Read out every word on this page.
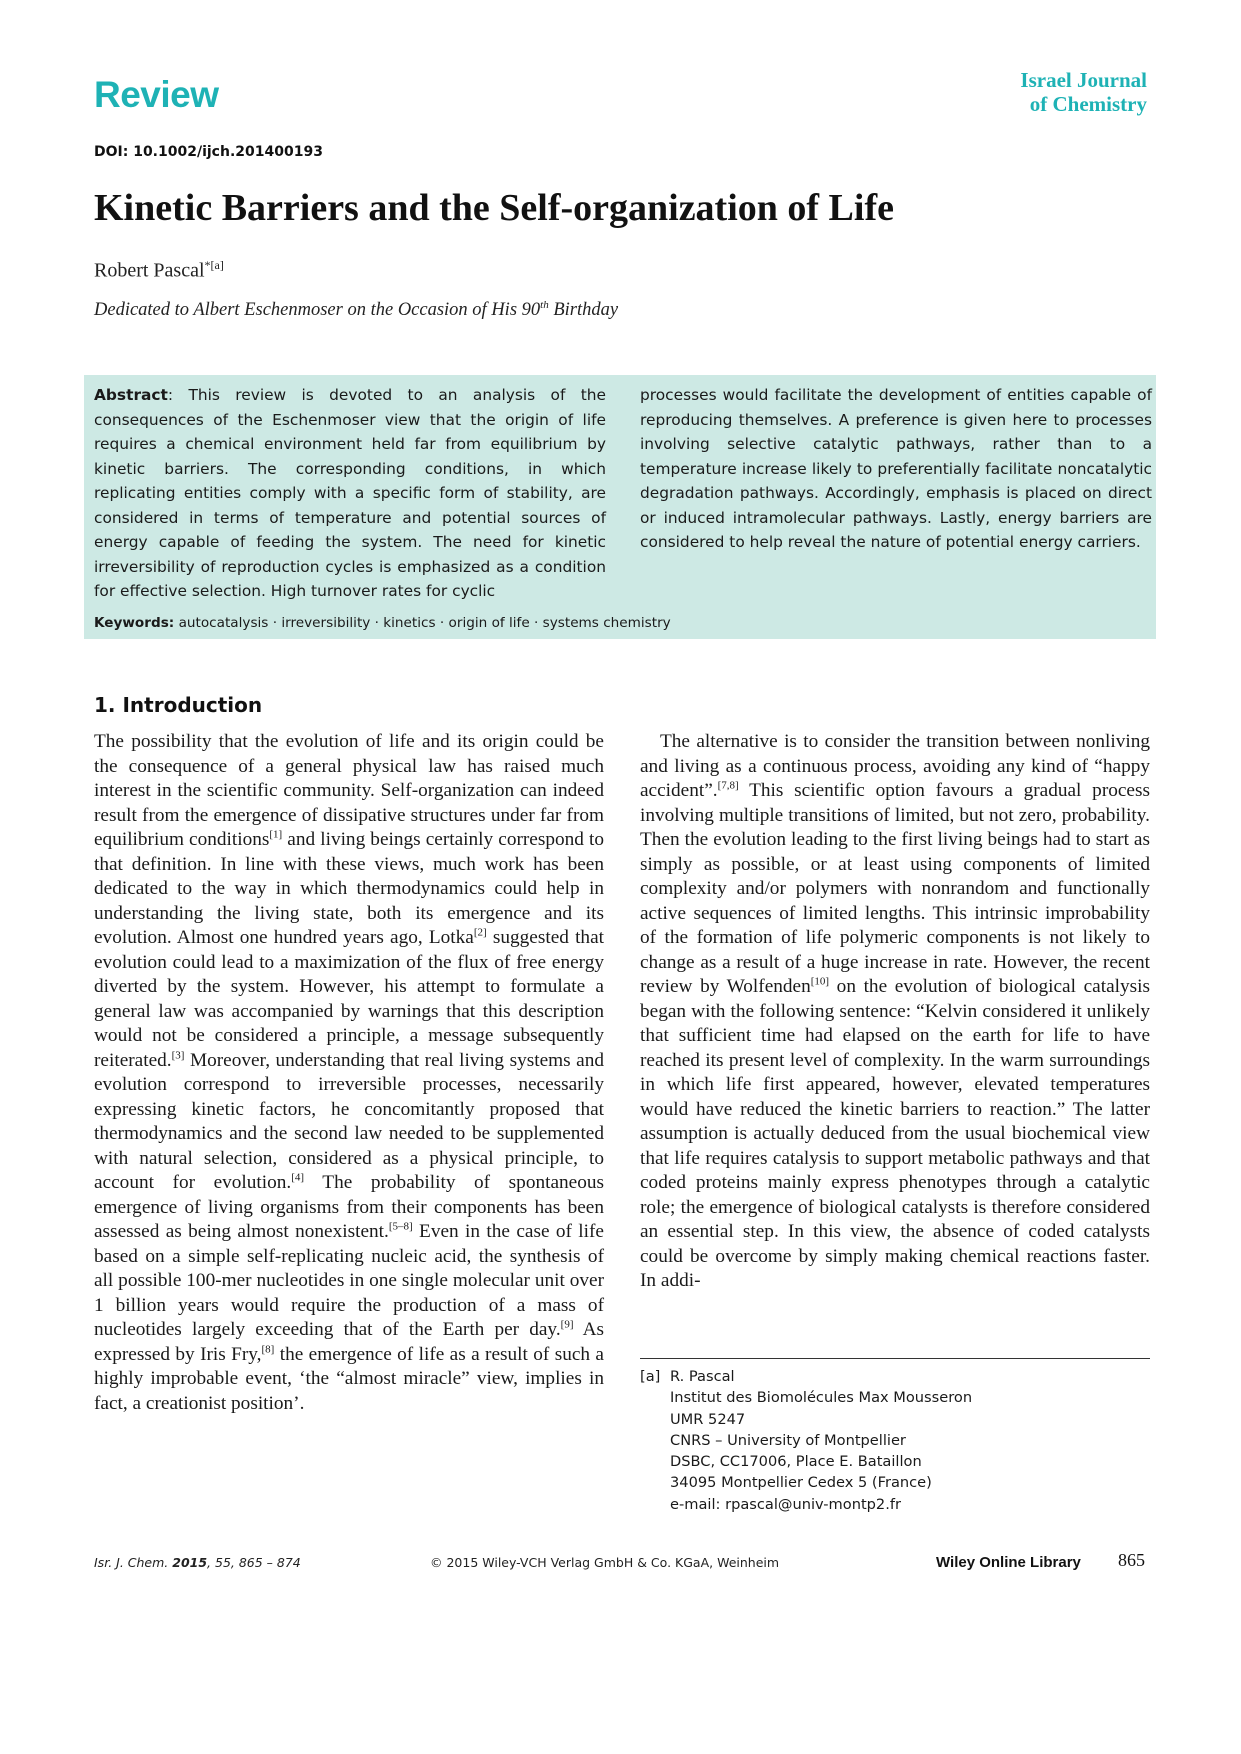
Review	Israel Journal
of Chemistry
DOI: 10.1002/ijch.201400193
Kinetic Barriers and the Self-organization of Life
Robert Pascal$^{*[a]}$
Dedicated to Albert Eschenmoser on the Occasion of His 90th Birthday
Abstract: This review is devoted to an analysis of the consequences of the Eschenmoser view that the origin of life requires a chemical environment held far from equilibrium by kinetic barriers. The corresponding conditions, in which replicating entities comply with a specific form of stability, are considered in terms of temperature and potential sources of energy capable of feeding the system. The need for kinetic irreversibility of reproduction cycles is emphasized as a condition for effective selection. High turnover rates for cyclic
processes would facilitate the development of entities capable of reproducing themselves. A preference is given here to processes involving selective catalytic pathways, rather than to a temperature increase likely to preferentially facilitate noncatalytic degradation pathways. Accordingly, emphasis is placed on direct or induced intramolecular pathways. Lastly, energy barriers are considered to help reveal the nature of potential energy carriers.
Keywords: autocatalysis · irreversibility · kinetics · origin of life · systems chemistry
1. Introduction
The possibility that the evolution of life and its origin could be the consequence of a general physical law has raised much interest in the scientific community. Self-organization can indeed result from the emergence of dissipative structures under far from equilibrium conditions[1] and living beings certainly correspond to that definition. In line with these views, much work has been dedicated to the way in which thermodynamics could help in understanding the living state, both its emergence and its evolution. Almost one hundred years ago, Lotka[2] suggested that evolution could lead to a maximization of the flux of free energy diverted by the system. However, his attempt to formulate a general law was accompanied by warnings that this description would not be considered a principle, a message subsequently reiterated.[3] Moreover, understanding that real living systems and evolution correspond to irreversible processes, necessarily expressing kinetic factors, he concomitantly proposed that thermodynamics and the second law needed to be supplemented with natural selection, considered as a physical principle, to account for evolution.[4] The probability of spontaneous emergence of living organisms from their components has been assessed as being almost nonexistent.[5–8] Even in the case of life based on a simple self-replicating nucleic acid, the synthesis of all possible 100-mer nucleotides in one single molecular unit over 1 billion years would require the production of a mass of nucleotides largely exceeding that of the Earth per day.[9] As expressed by Iris Fry,[8] the emergence of life as a result of such a highly improbable event, ‘the “almost miracle” view, implies in fact, a creationist position’.
The alternative is to consider the transition between nonliving and living as a continuous process, avoiding any kind of “happy accident”.[7,8] This scientific option favours a gradual process involving multiple transitions of limited, but not zero, probability. Then the evolution leading to the first living beings had to start as simply as possible, or at least using components of limited complexity and/or polymers with nonrandom and functionally active sequences of limited lengths. This intrinsic improbability of the formation of life polymeric components is not likely to change as a result of a huge increase in rate. However, the recent review by Wolfenden[10] on the evolution of biological catalysis began with the following sentence: “Kelvin considered it unlikely that sufficient time had elapsed on the earth for life to have reached its present level of complexity. In the warm surroundings in which life first appeared, however, elevated temperatures would have reduced the kinetic barriers to reaction.” The latter assumption is actually deduced from the usual biochemical view that life requires catalysis to support metabolic pathways and that coded proteins mainly express phenotypes through a catalytic role; the emergence of biological catalysts is therefore considered an essential step. In this view, the absence of coded catalysts could be overcome by simply making chemical reactions faster. In addi-
[a] R. Pascal
Institut des Biomolécules Max Mousseron
UMR 5247
CNRS – University of Montpellier
DSBC, CC17006, Place E. Bataillon
34095 Montpellier Cedex 5 (France)
e-mail: rpascal@univ-montp2.fr
Isr. J. Chem. 2015, 55, 865 – 874	© 2015 Wiley-VCH Verlag GmbH & Co. KGaA, Weinheim	Wiley Online Library 865
